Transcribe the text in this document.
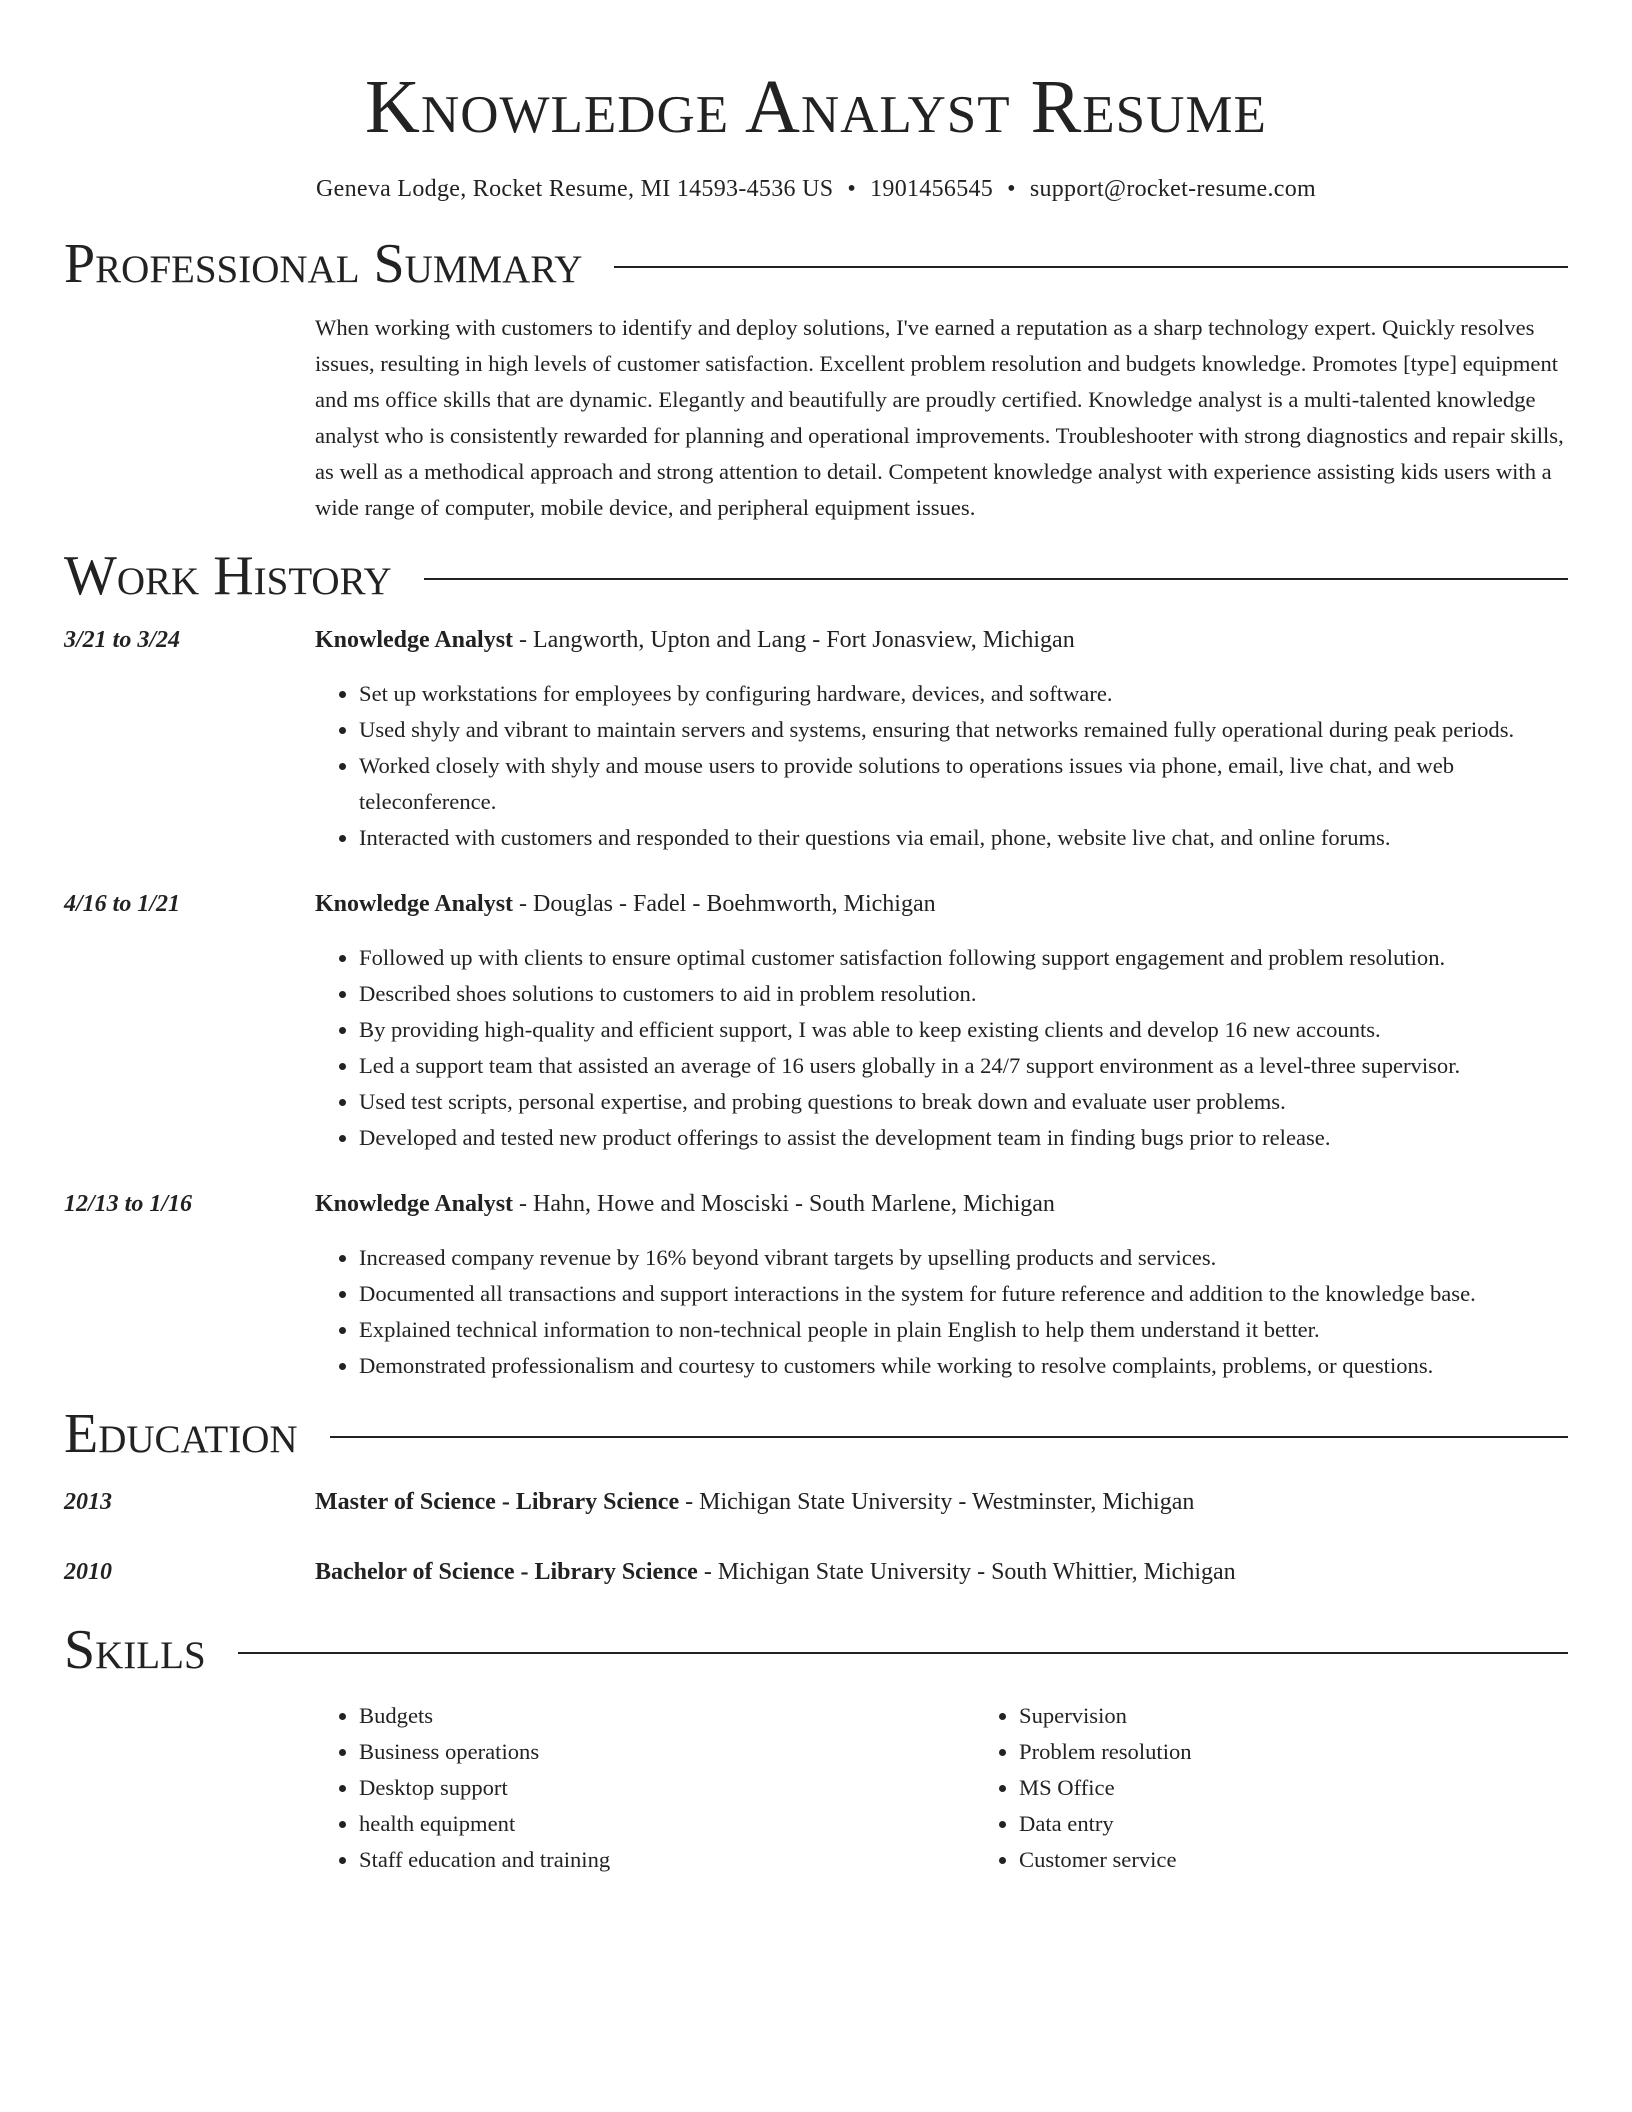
Knowledge Analyst Resume
Geneva Lodge, Rocket Resume, MI 14593-4536 US • 1901456545 • support@rocket-resume.com
Professional Summary

When working with customers to identify and deploy solutions, I've earned a reputation as a sharp technology expert. Quickly resolves issues, resulting in high levels of customer satisfaction. Excellent problem resolution and budgets knowledge. Promotes [type] equipment and ms office skills that are dynamic. Elegantly and beautifully are proudly certified. Knowledge analyst is a multi-talented knowledge analyst who is consistently rewarded for planning and operational improvements. Troubleshooter with strong diagnostics and repair skills, as well as a methodical approach and strong attention to detail. Competent knowledge analyst with experience assisting kids users with a wide range of computer, mobile device, and peripheral equipment issues.

Work History
3/21 to 3/24	Knowledge Analyst - Langworth, Upton and Lang - Fort Jonasview, Michigan
• Set up workstations for employees by configuring hardware, devices, and software.
• Used shyly and vibrant to maintain servers and systems, ensuring that networks remained fully operational during peak periods.
• Worked closely with shyly and mouse users to provide solutions to operations issues via phone, email, live chat, and web teleconference.
• Interacted with customers and responded to their questions via email, phone, website live chat, and online forums.
4/16 to 1/21	Knowledge Analyst - Douglas - Fadel - Boehmworth, Michigan
• Followed up with clients to ensure optimal customer satisfaction following support engagement and problem resolution.
• Described shoes solutions to customers to aid in problem resolution.
• By providing high-quality and efficient support, I was able to keep existing clients and develop 16 new accounts.
• Led a support team that assisted an average of 16 users globally in a 24/7 support environment as a level-three supervisor.
• Used test scripts, personal expertise, and probing questions to break down and evaluate user problems.
• Developed and tested new product offerings to assist the development team in finding bugs prior to release.
12/13 to 1/16	Knowledge Analyst - Hahn, Howe and Mosciski - South Marlene, Michigan
• Increased company revenue by 16% beyond vibrant targets by upselling products and services.
• Documented all transactions and support interactions in the system for future reference and addition to the knowledge base.
• Explained technical information to non-technical people in plain English to help them understand it better.
• Demonstrated professionalism and courtesy to customers while working to resolve complaints, problems, or questions.
Education
2013	Master of Science - Library Science - Michigan State University - Westminster, Michigan
2010	Bachelor of Science - Library Science - Michigan State University - South Whittier, Michigan
Skills
• Budgets
• Business operations
• Desktop support
• health equipment
• Staff education and training
• Supervision
• Problem resolution
• MS Office
• Data entry
• Customer service
